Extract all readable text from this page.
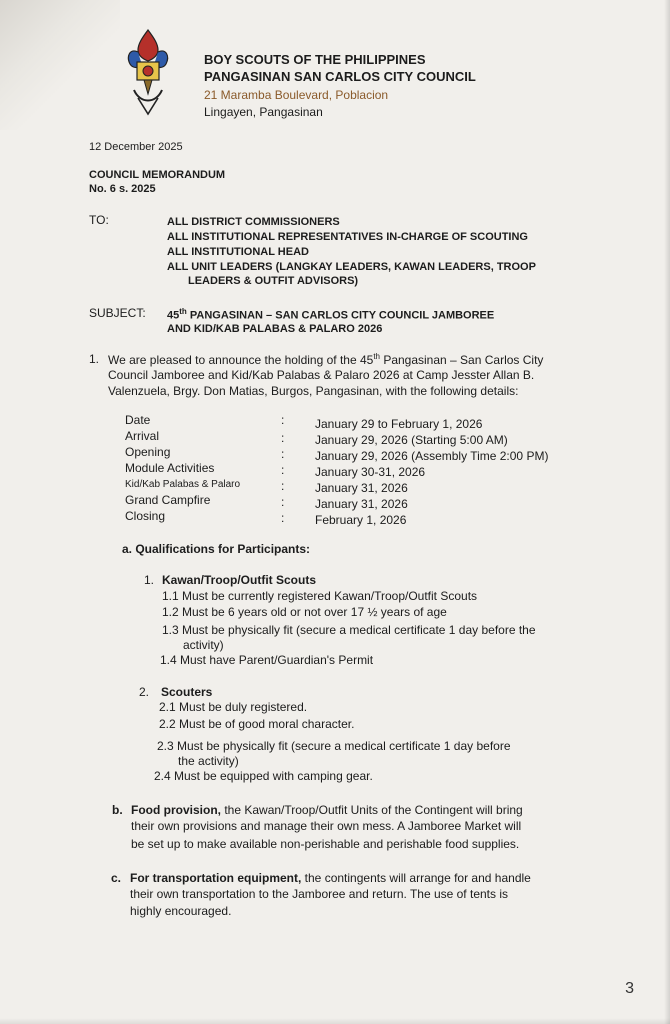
BOY SCOUTS OF THE PHILIPPINES
PANGASINAN SAN CARLOS CITY COUNCIL
21 Maramba Boulevard, Poblacion
Lingayen, Pangasinan
12 December 2025
COUNCIL MEMORANDUM
No. 6 s. 2025
TO:	ALL DISTRICT COMMISSIONERS
ALL INSTITUTIONAL REPRESENTATIVES IN-CHARGE OF SCOUTING
ALL INSTITUTIONAL HEAD
ALL UNIT LEADERS (LANGKAY LEADERS, KAWAN LEADERS, TROOP
LEADERS & OUTFIT ADVISORS)
SUBJECT: 45th PANGASINAN – SAN CARLOS CITY COUNCIL JAMBOREE
AND KID/KAB PALABAS & PALARO 2026
1. We are pleased to announce the holding of the 45th Pangasinan – San Carlos City
Council Jamboree and Kid/Kab Palabas & Palaro 2026 at Camp Jesster Allan B.
Valenzuela, Brgy. Don Matias, Burgos, Pangasinan, with the following details:
Date	:	January 29 to February 1, 2026
Arrival	:	January 29, 2026 (Starting 5:00 AM)
Opening	:	January 29, 2026 (Assembly Time 2:00 PM)
Module Activities	:	January 30-31, 2026
Kid/Kab Palabas & Palaro	:	January 31, 2026
Grand Campfire	:	January 31, 2026
Closing	:	February 1, 2026
a. Qualifications for Participants:
1. Kawan/Troop/Outfit Scouts
1.1 Must be currently registered Kawan/Troop/Outfit Scouts
1.2 Must be 6 years old or not over 17 ½ years of age
1.3 Must be physically fit (secure a medical certificate 1 day before the
activity)
1.4 Must have Parent/Guardian's Permit
2. Scouters
2.1 Must be duly registered.
2.2 Must be of good moral character.
2.3 Must be physically fit (secure a medical certificate 1 day before
the activity)
2.4 Must be equipped with camping gear.
b. Food provision, the Kawan/Troop/Outfit Units of the Contingent will bring
their own provisions and manage their own mess. A Jamboree Market will
be set up to make available non-perishable and perishable food supplies.
c. For transportation equipment, the contingents will arrange for and handle
their own transportation to the Jamboree and return. The use of tents is
highly encouraged.
3
